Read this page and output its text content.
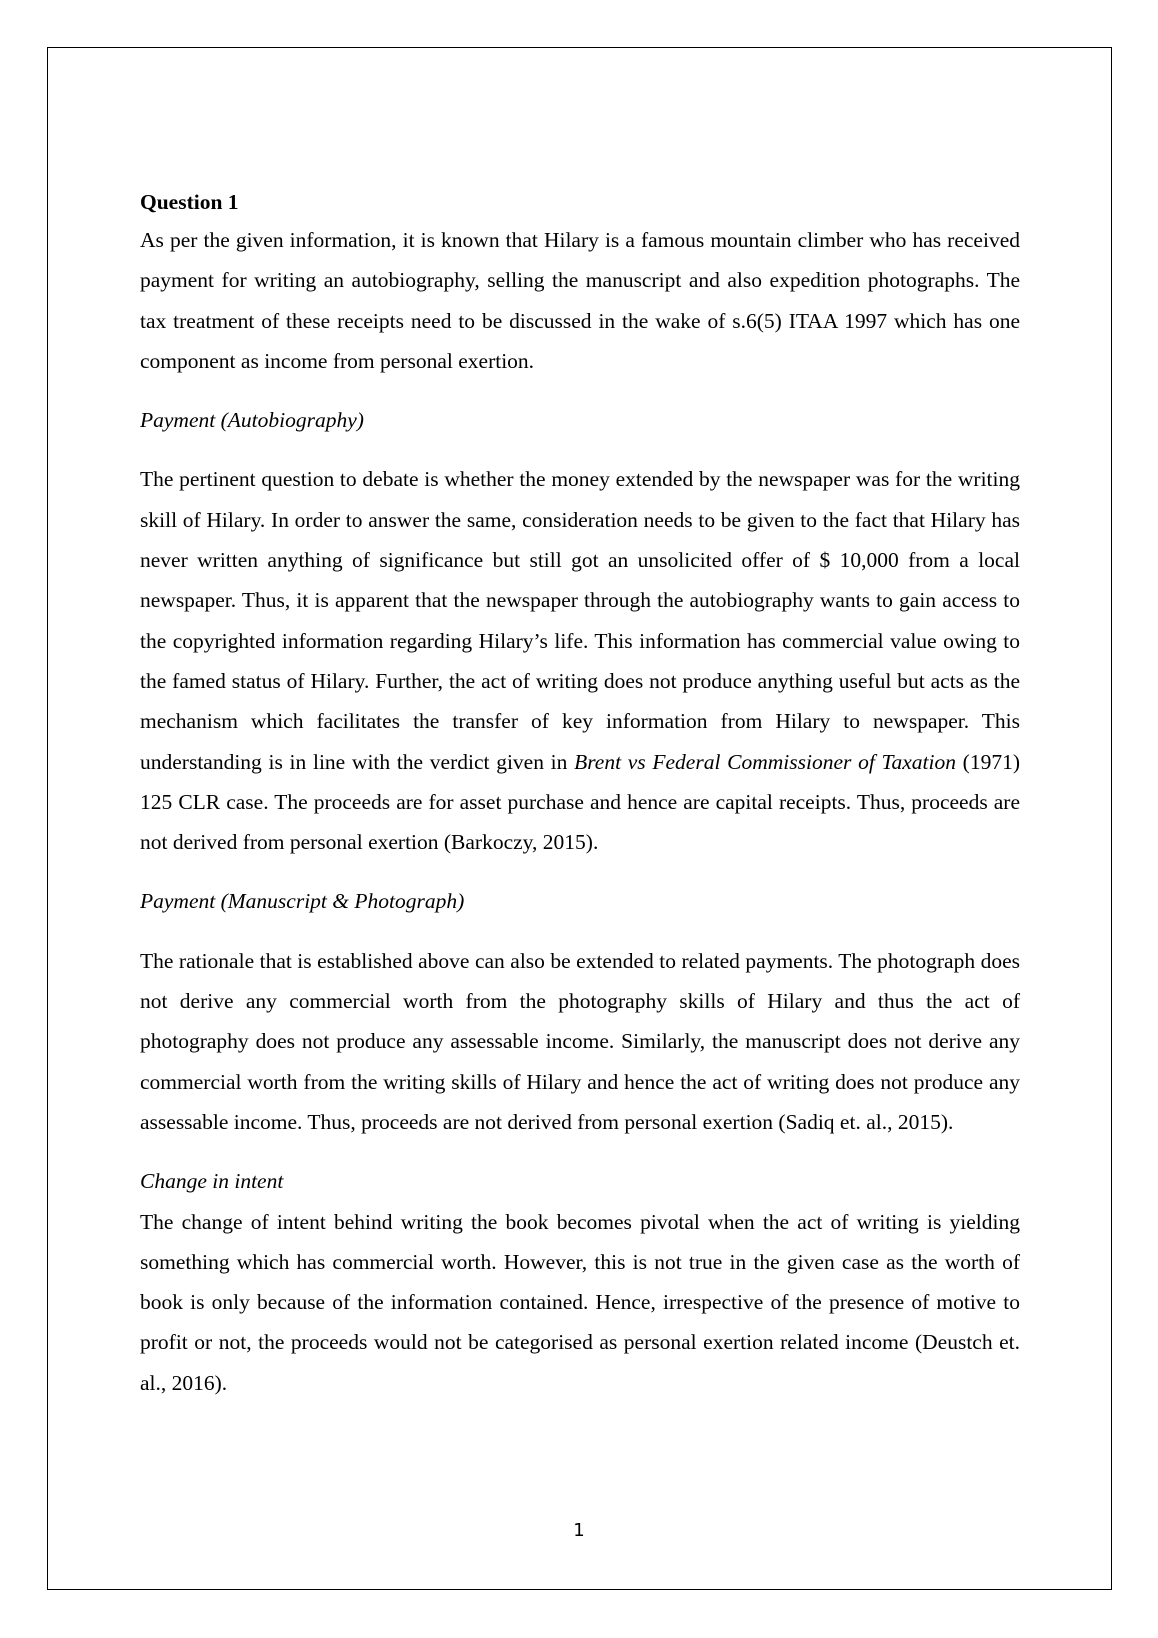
Question 1

As per the given information, it is known that Hilary is a famous mountain climber who has received payment for writing an autobiography, selling the manuscript and also expedition photographs. The tax treatment of these receipts need to be discussed in the wake of s.6(5) ITAA 1997 which has one component as income from personal exertion.

Payment (Autobiography)

The pertinent question to debate is whether the money extended by the newspaper was for the writing skill of Hilary. In order to answer the same, consideration needs to be given to the fact that Hilary has never written anything of significance but still got an unsolicited offer of $ 10,000 from a local newspaper. Thus, it is apparent that the newspaper through the autobiography wants to gain access to the copyrighted information regarding Hilary’s life. This information has commercial value owing to the famed status of Hilary. Further, the act of writing does not produce anything useful but acts as the mechanism which facilitates the transfer of key information from Hilary to newspaper. This understanding is in line with the verdict given in Brent vs Federal Commissioner of Taxation (1971) 125 CLR case. The proceeds are for asset purchase and hence are capital receipts. Thus, proceeds are not derived from personal exertion (Barkoczy, 2015).

Payment (Manuscript & Photograph)

The rationale that is established above can also be extended to related payments. The photograph does not derive any commercial worth from the photography skills of Hilary and thus the act of photography does not produce any assessable income. Similarly, the manuscript does not derive any commercial worth from the writing skills of Hilary and hence the act of writing does not produce any assessable income. Thus, proceeds are not derived from personal exertion (Sadiq et. al., 2015).

Change in intent

The change of intent behind writing the book becomes pivotal when the act of writing is yielding something which has commercial worth. However, this is not true in the given case as the worth of book is only because of the information contained. Hence, irrespective of the presence of motive to profit or not, the proceeds would not be categorised as personal exertion related income (Deustch et. al., 2016).

1
